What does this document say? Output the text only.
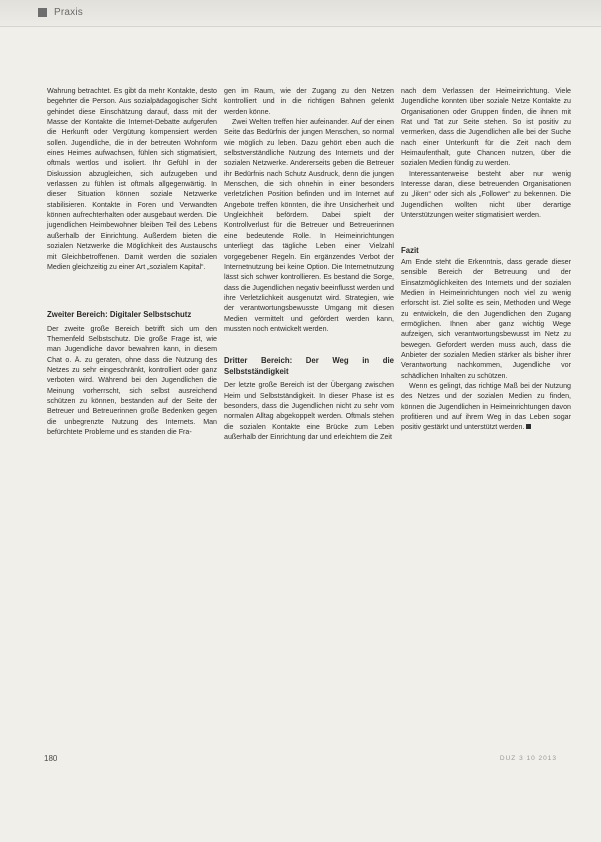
Praxis

Wahrung betrachtet. Es gibt da mehr Kontakte, desto begehrter die Person. Aus sozialpädagogischer Sicht gehindet diese Einschätzung darauf, dass mit der Masse der Kontakte die Internet-Debatte aufgerufen die Herkunft oder Vergütung kompensiert werden sollen. Jugendliche, die in der betreuten Wohnform eines Heimes aufwachsen, fühlen sich stigmatisiert, oftmals wertlos und isoliert. Ihr Gefühl in der Diskussion abzugleichen, sich aufzugeben und verlassen zu fühlen ist oftmals allgegenwärtig. In dieser Situation können soziale Netzwerke stabilisieren. Kontakte in Foren und Verwandten können aufrechterhalten oder ausgebaut werden. Die jugendlichen Heimbewohner bleiben Teil des Lebens außerhalb der Einrichtung. Außerdem bieten die sozialen Netzwerke die Möglichkeit des Austauschs mit Gleichbetroffenen. Damit werden die sozialen Medien gleichzeitig zu einer Art „sozialem Kapital“.

Zweiter Bereich: Digitaler Selbstschutz

Der zweite große Bereich betrifft sich um den Themenfeld Selbstschutz. Die große Frage ist, wie man Jugendliche davor bewahren kann, in diesem Chat o. Ä. zu geraten, ohne dass die Nutzung des Netzes zu sehr eingeschränkt, kontrolliert oder ganz verboten wird. Während bei den Jugendlichen die Meinung vorherrscht, sich selbst ausreichend schützen zu können, bestanden auf der Seite der Betreuer und Betreuerinnen große Bedenken gegen die unbegrenzte Nutzung des Internets. Man befürchtete Probleme und es standen die Fra-

gen im Raum, wie der Zugang zu den Netzen kontrolliert und in die richtigen Bahnen gelenkt werden könne.

Zwei Welten treffen hier aufeinander. Auf der einen Seite das Bedürfnis der jungen Menschen, so normal wie möglich zu leben. Dazu gehört eben auch die selbstverständliche Nutzung des Internets und der sozialen Netzwerke. Andererseits geben die Betreuer ihr Bedürfnis nach Schutz Ausdruck, denn die jungen Menschen, die sich ohnehin in einer besonders verletzlichen Position befinden und im Internet auf Angebote treffen könnten, die ihre Unsicherheit und Ungleichheit befördern. Dabei spielt der Kontrollverlust für die Betreuer und Betreuerinnen eine bedeutende Rolle. In Heimeinrichtungen unterliegt das tägliche Leben einer Vielzahl vorgegebener Regeln. Ein ergänzendes Verbot der Internetnutzung bei keine Option. Die Internetnutzung lässt sich schwer kontrollieren. Es bestand die Sorge, dass die Jugendlichen negativ beeinflusst werden und ihre Verletzlichkeit ausgenutzt wird. Strategien, wie der verantwortungsbewusste Umgang mit diesen Medien vermittelt und gefördert werden kann, mussten noch entwickelt werden.

Dritter Bereich: Der Weg in die Selbstständigkeit

Der letzte große Bereich ist der Übergang zwischen Heim und Selbstständigkeit. In dieser Phase ist es besonders, dass die Jugendlichen nicht zu sehr vom normalen Alltag abgekoppelt werden. Oftmals stehen die sozialen Kontakte eine Brücke zum Leben außerhalb der Einrichtung dar und erleichtern die Zeit

nach dem Verlassen der Heimeinrichtung. Viele Jugendliche konnten über soziale Netze Kontakte zu Organisationen oder Gruppen finden, die ihnen mit Rat und Tat zur Seite stehen. So ist positiv zu vermerken, dass die Jugendlichen alle bei der Suche nach einer Unterkunft für die Zeit nach dem Heimaufenthalt, gute Chancen nutzen, über die sozialen Medien fündig zu werden.

Interessanterweise besteht aber nur wenig Interesse daran, diese betreuenden Organisationen zu „liken“ oder sich als „Follower“ zu bekennen. Die Jugendlichen wollten nicht über derartige Unterstützungen weiter stigmatisiert werden.

Fazit

Am Ende steht die Erkenntnis, dass gerade dieser sensible Bereich der Betreuung und der Einsatzmöglichkeiten des Internets und der sozialen Medien in Heimeinrichtungen noch viel zu wenig erforscht ist. Ziel sollte es sein, Methoden und Wege zu entwickeln, die den Jugendlichen den Zugang ermöglichen. Ihnen aber ganz wichtig Wege aufzeigen, sich verantwortungsbewusst im Netz zu bewegen. Gefordert werden muss auch, dass die Anbieter der sozialen Medien stärker als bisher ihrer Verantwortung nachkommen, Jugendliche vor schädlichen Inhalten zu schützen.

Wenn es gelingt, das richtige Maß bei der Nutzung des Netzes und der sozialen Medien zu finden, können die Jugendlichen in Heimeinrichtungen davon profitieren und auf ihrem Weg in das Leben sogar positiv gestärkt und unterstützt werden.

180	DUZ 3 10 2013
